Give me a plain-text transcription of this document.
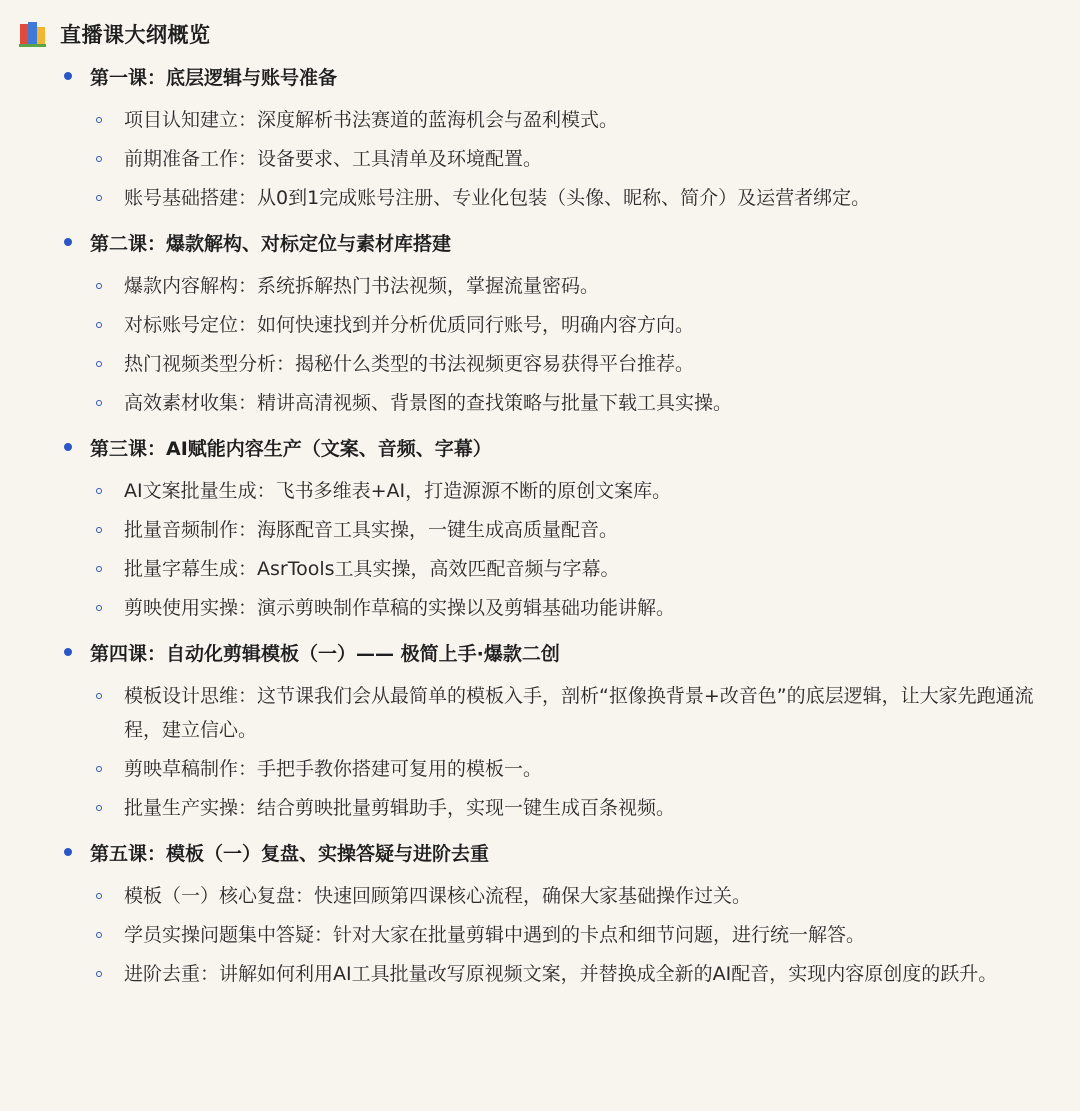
直播课大纲概览
第一课：底层逻辑与账号准备
项目认知建立：深度解析书法赛道的蓝海机会与盈利模式。
前期准备工作：设备要求、工具清单及环境配置。
账号基础搭建：从0到1完成账号注册、专业化包装（头像、昵称、简介）及运营者绑定。
第二课：爆款解构、对标定位与素材库搭建
爆款内容解构：系统拆解热门书法视频，掌握流量密码。
对标账号定位：如何快速找到并分析优质同行账号，明确内容方向。
热门视频类型分析：揭秘什么类型的书法视频更容易获得平台推荐。
高效素材收集：精讲高清视频、背景图的查找策略与批量下载工具实操。
第三课：AI赋能内容生产（文案、音频、字幕）
AI文案批量生成：飞书多维表+AI，打造源源不断的原创文案库。
批量音频制作：海豚配音工具实操，一键生成高质量配音。
批量字幕生成：AsrTools工具实操，高效匹配音频与字幕。
剪映使用实操：演示剪映制作草稿的实操以及剪辑基础功能讲解。
第四课：自动化剪辑模板（一）—— 极简上手·爆款二创
模板设计思维：这节课我们会从最简单的模板入手，剖析“抠像换背景+改音色”的底层逻辑，让大家先跑通流程，建立信心。
剪映草稿制作：手把手教你搭建可复用的模板一。
批量生产实操：结合剪映批量剪辑助手，实现一键生成百条视频。
第五课：模板（一）复盘、实操答疑与进阶去重
模板（一）核心复盘：快速回顾第四课核心流程，确保大家基础操作过关。
学员实操问题集中答疑：针对大家在批量剪辑中遇到的卡点和细节问题，进行统一解答。
进阶去重：讲解如何利用AI工具批量改写原视频文案，并替换成全新的AI配音，实现内容原创度的跃升。
